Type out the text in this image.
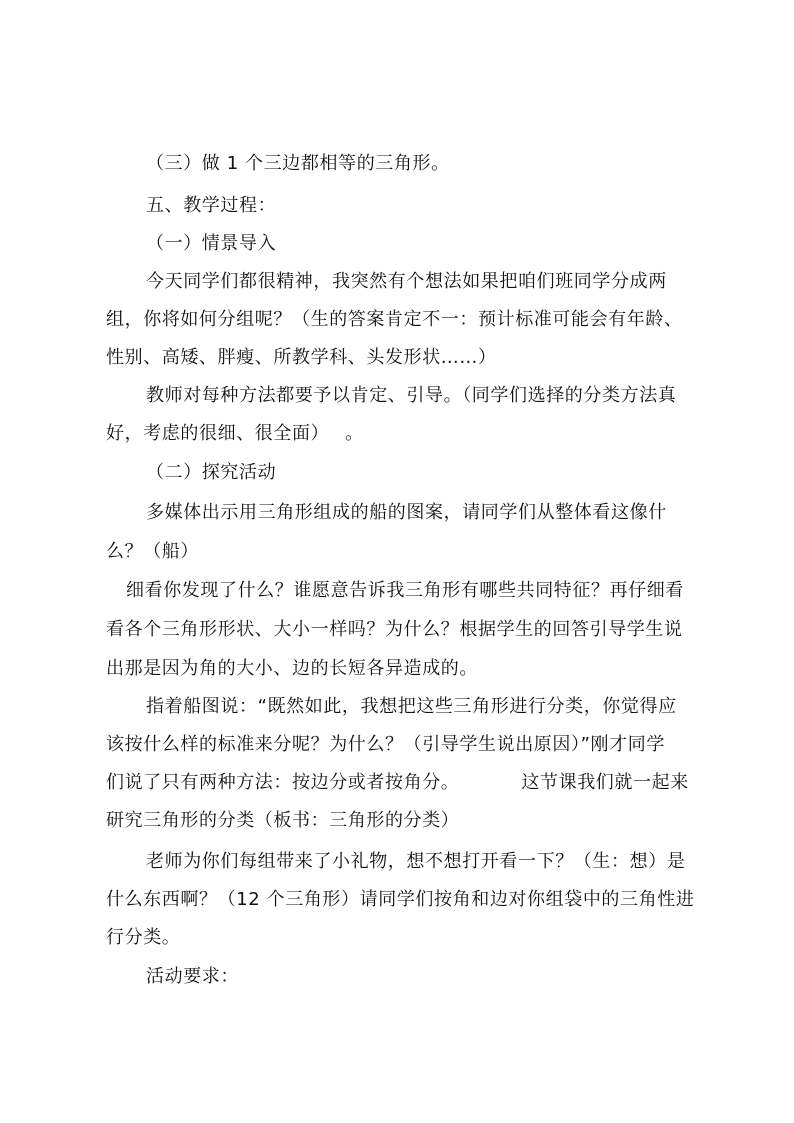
（三）做 1 个三边都相等的三角形。
五、教学过程：
（一）情景导入
今天同学们都很精神，我突然有个想法如果把咱们班同学分成两
组，你将如何分组呢？（生的答案肯定不一：预计标准可能会有年龄、
性别、高矮、胖瘦、所教学科、头发形状……）
教师对每种方法都要予以肯定、引导。（同学们选择的分类方法真
好，考虑的很细、很全面）　 。
（二）探究活动
多媒体出示用三角形组成的船的图案，请同学们从整体看这像什
么？（船）
细看你发现了什么？谁愿意告诉我三角形有哪些共同特征？再仔细看
看各个三角形形状、大小一样吗？为什么？根据学生的回答引导学生说
出那是因为角的大小、边的长短各异造成的。
指着船图说：“既然如此，我想把这些三角形进行分类，你觉得应
该按什么样的标准来分呢？为什么？（引导学生说出原因）”刚才同学
们说了只有两种方法：按边分或者按角分。	这节课我们就一起来
研究三角形的分类（板书：三角形的分类）
老师为你们每组带来了小礼物，想不想打开看一下？（生：想）是
什么东西啊？（12 个三角形）请同学们按角和边对你组袋中的三角性进
行分类。
活动要求：
